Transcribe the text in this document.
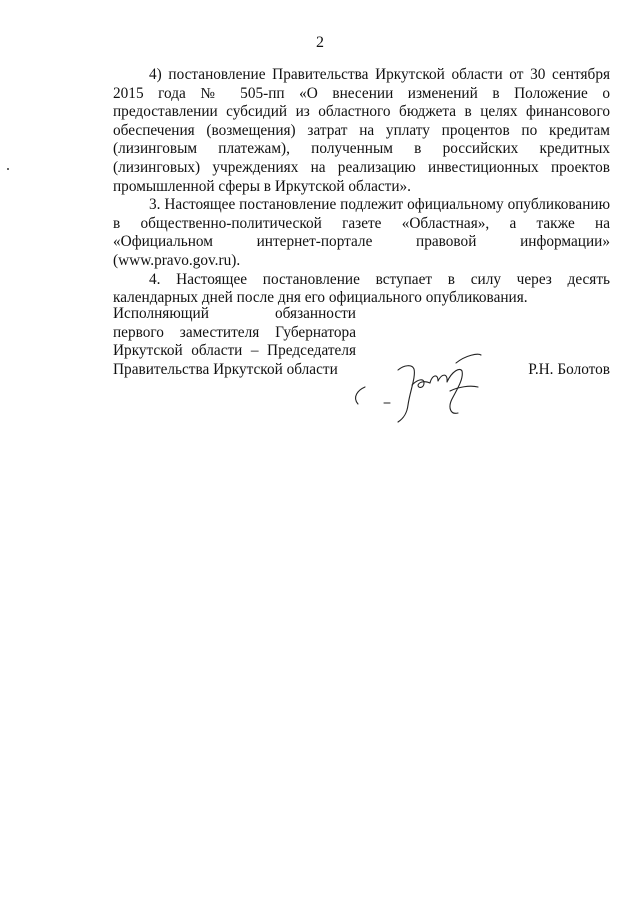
2

4) постановление Правительства Иркутской области от 30 сентября 2015 года № 505-пп «О внесении изменений в Положение о предоставлении субсидий из областного бюджета в целях финансового обеспечения (возмещения) затрат на уплату процентов по кредитам (лизинговым платежам), полученным в российских кредитных (лизинговых) учреждениях на реализацию инвестиционных проектов промышленной сферы в Иркутской области».

3. Настоящее постановление подлежит официальному опубликованию в общественно-политической газете «Областная», а также на «Официальном интернет-портале правовой информации» (www.pravo.gov.ru).

4. Настоящее постановление вступает в силу через десять календарных дней после дня его официального опубликования.

Исполняющий обязанности
первого заместителя Губернатора
Иркутской области – Председателя
Правительства Иркутской области	Р.Н. Болотов
